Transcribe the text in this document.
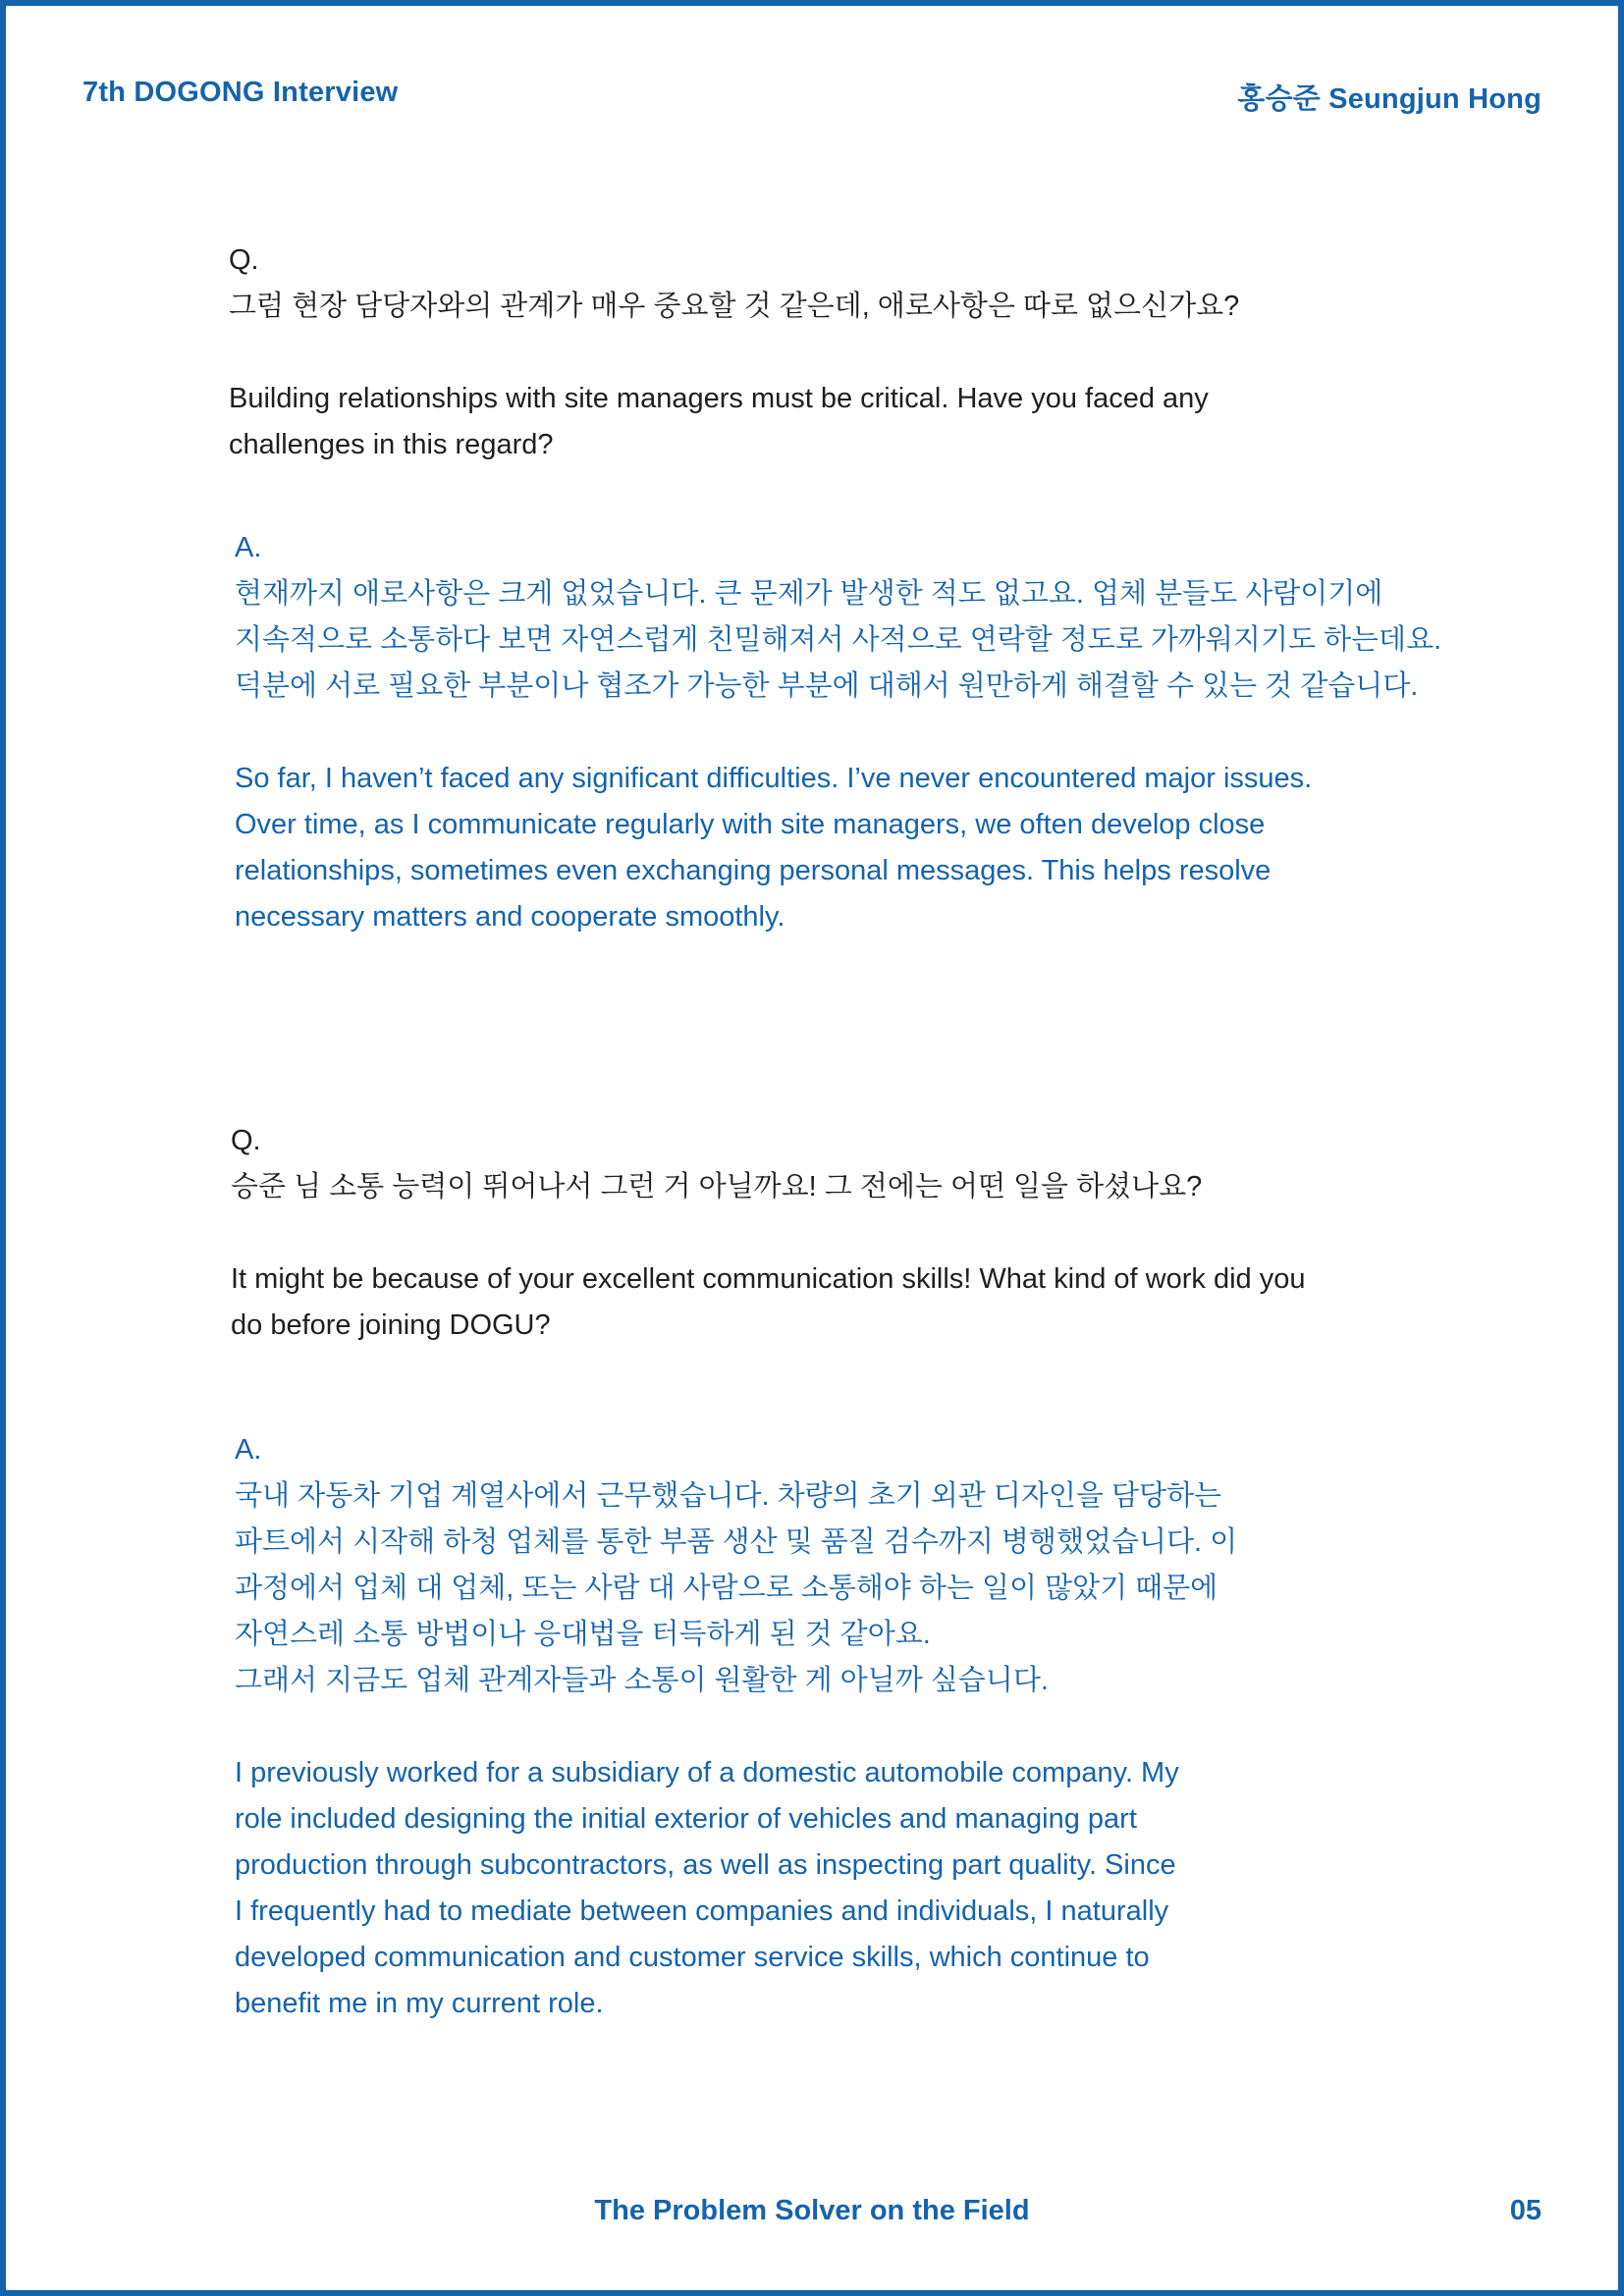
7th DOGONG Interview	홍승준 Seungjun Hong
Q.
그럼 현장 담당자와의 관계가 매우 중요할 것 같은데, 애로사항은 따로 없으신가요?
Building relationships with site managers must be critical. Have you faced any
challenges in this regard?
A.
현재까지 애로사항은 크게 없었습니다. 큰 문제가 발생한 적도 없고요. 업체 분들도 사람이기에
지속적으로 소통하다 보면 자연스럽게 친밀해져서 사적으로 연락할 정도로 가까워지기도 하는데요.
덕분에 서로 필요한 부분이나 협조가 가능한 부분에 대해서 원만하게 해결할 수 있는 것 같습니다.
So far, I haven’t faced any significant difficulties. I’ve never encountered major issues.
Over time, as I communicate regularly with site managers, we often develop close
relationships, sometimes even exchanging personal messages. This helps resolve
necessary matters and cooperate smoothly.
Q.
승준 님 소통 능력이 뛰어나서 그런 거 아닐까요! 그 전에는 어떤 일을 하셨나요?
It might be because of your excellent communication skills! What kind of work did you
do before joining DOGU?
A.
국내 자동차 기업 계열사에서 근무했습니다. 차량의 초기 외관 디자인을 담당하는
파트에서 시작해 하청 업체를 통한 부품 생산 및 품질 검수까지 병행했었습니다. 이
과정에서 업체 대 업체, 또는 사람 대 사람으로 소통해야 하는 일이 많았기 때문에
자연스레 소통 방법이나 응대법을 터득하게 된 것 같아요.
그래서 지금도 업체 관계자들과 소통이 원활한 게 아닐까 싶습니다.
I previously worked for a subsidiary of a domestic automobile company. My
role included designing the initial exterior of vehicles and managing part
production through subcontractors, as well as inspecting part quality. Since
I frequently had to mediate between companies and individuals, I naturally
developed communication and customer service skills, which continue to
benefit me in my current role.
The Problem Solver on the Field	05
